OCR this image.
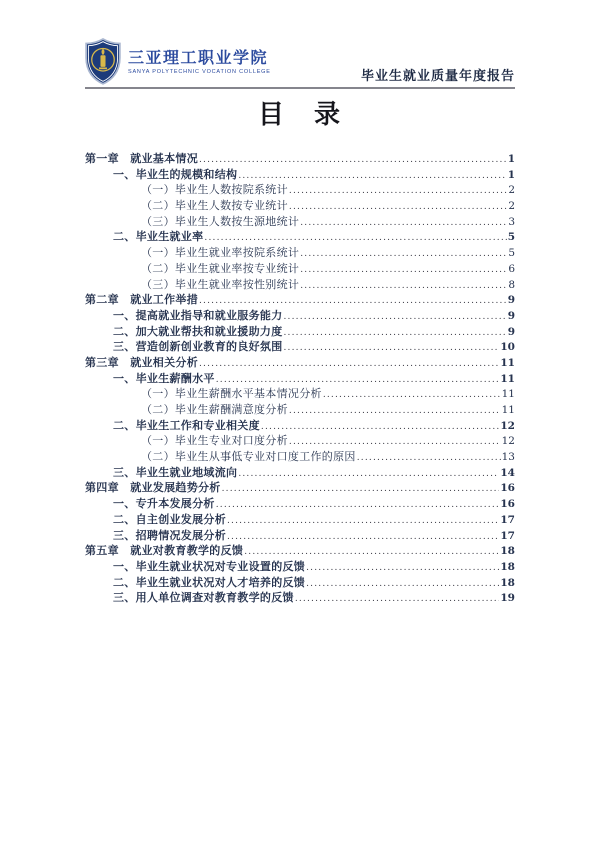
三亚理工职业学院
SANYA POLYTECHNIC VOCATION COLLEGE	毕业生就业质量年度报告
目　录
第一章　就业基本情况 .....	1
一、毕业生的规模和结构 .....	1
（一）毕业生人数按院系统计 .....	2
（二）毕业生人数按专业统计 .....	2
（三）毕业生人数按生源地统计 .....	3
二、毕业生就业率 .....	5
（一）毕业生就业率按院系统计 .....	5
（二）毕业生就业率按专业统计 .....	6
（三）毕业生就业率按性别统计 .....	8
第二章　就业工作举措 .....	9
一、提高就业指导和就业服务能力 .....	9
二、加大就业帮扶和就业援助力度 .....	9
三、营造创新创业教育的良好氛围 .....	10
第三章　就业相关分析 .....	11
一、毕业生薪酬水平 .....	11
（一）毕业生薪酬水平基本情况分析 .....	11
（二）毕业生薪酬满意度分析 .....	11
二、毕业生工作和专业相关度 .....	12
（一）毕业生专业对口度分析 .....	12
（二）毕业生从事低专业对口度工作的原因 .....	13
三、毕业生就业地域流向 .....	14
第四章　就业发展趋势分析 .....	16
一、专升本发展分析 .....	16
二、自主创业发展分析 .....	17
三、招聘情况发展分析 .....	17
第五章　就业对教育教学的反馈 .....	18
一、毕业生就业状况对专业设置的反馈 .....	18
二、毕业生就业状况对人才培养的反馈 .....	18
三、用人单位调查对教育教学的反馈 .....	19
